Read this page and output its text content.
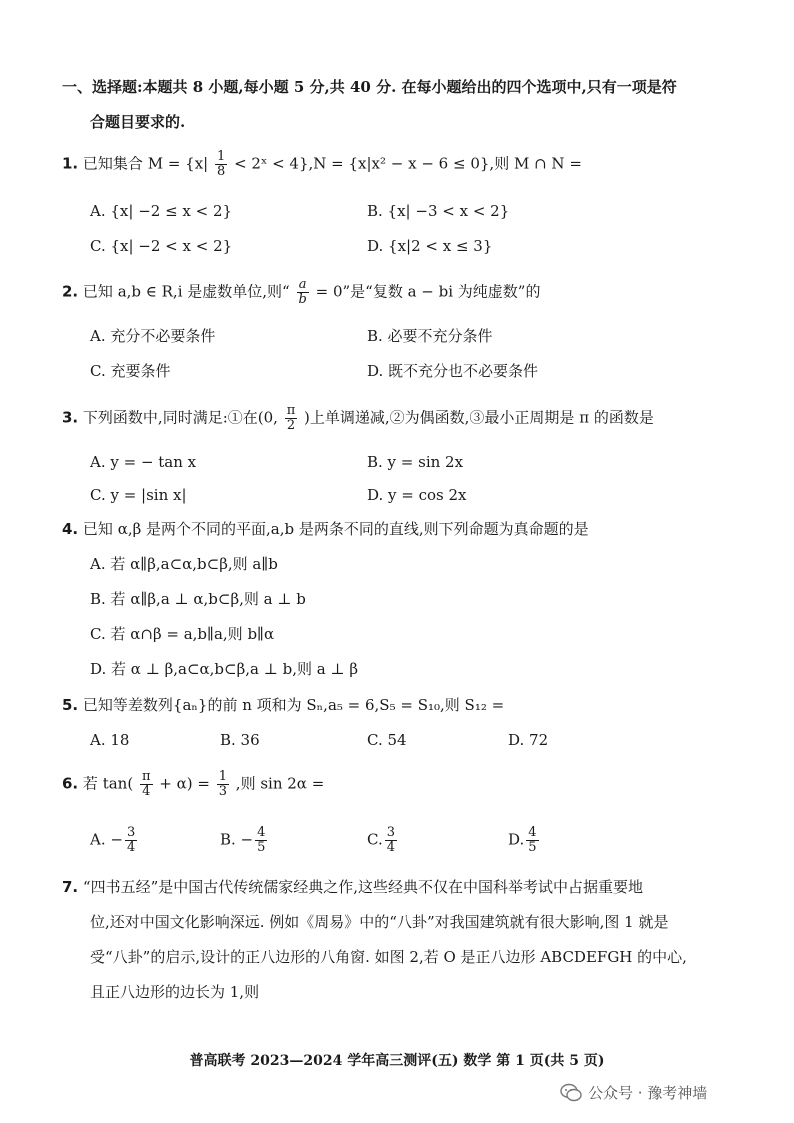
一、选择题:本题共 8 小题,每小题 5 分,共 40 分. 在每小题给出的四个选项中,只有一项是符
合题目要求的.
1. 已知集合 $M = \{x| \frac{1}{8}$ < 2ˣ < 4},N = {x|x² − x − 6 ≤ 0},则 M ∩ N =
A. {x| −2 ≤ x < 2}	B. {x| −3 < x < 2}
C. {x| −2 < x < 2}	D. {x|2 < x ≤ 3}
2. 已知 a,b ∈ R,i 是虚数单位,则“ $\frac{a}{b} = 0$”是“复数 a − bi 为纯虚数”的
A. 充分不必要条件	B. 必要不充分条件
C. 充要条件	D. 既不充分也不必要条件
3. 下列函数中,同时满足:①在(0, $\frac{\pi}{2}$ )上单调递减,②为偶函数,③最小正周期是 π 的函数是
A. y = − tan x	B. y = sin 2x
C. y = |sin x|	D. y = cos 2x
4. 已知 α,β 是两个不同的平面,a,b 是两条不同的直线,则下列命题为真命题的是
A. 若 α∥β,a⊂α,b⊂β,则 a∥b
B. 若 α∥β,a ⊥ α,b⊂β,则 a ⊥ b
C. 若 α∩β = a,b∥a,则 b∥α
D. 若 α ⊥ β,a⊂α,b⊂β,a ⊥ b,则 a ⊥ β
5. 已知等差数列{aₙ}的前 n 项和为 Sₙ,a₅ = 6,S₅ = S₁₀,则 S₁₂ =
A. 18	B. 36	C. 54	D. 72
6. 若 $\tan( \frac{\pi}{4} + \alpha) = \frac{1}{3}$ ,则 sin 2α =
A. − $\frac{3}{4}$	B. − $\frac{4}{5}$	C. $\frac{3}{4}$	D. $\frac{4}{5}$
7. “四书五经”是中国古代传统儒家经典之作,这些经典不仅在中国科举考试中占据重要地
位,还对中国文化影响深远. 例如《周易》中的“八卦”对我国建筑就有很大影响,图 1 就是
受“八卦”的启示,设计的正八边形的八角窗. 如图 2,若 O 是正八边形 ABCDEFGH 的中心,
且正八边形的边长为 1,则
普高联考 2023—2024 学年高三测评(五) 数学 第 1 页(共 5 页)
公众号 · 豫考神墙
